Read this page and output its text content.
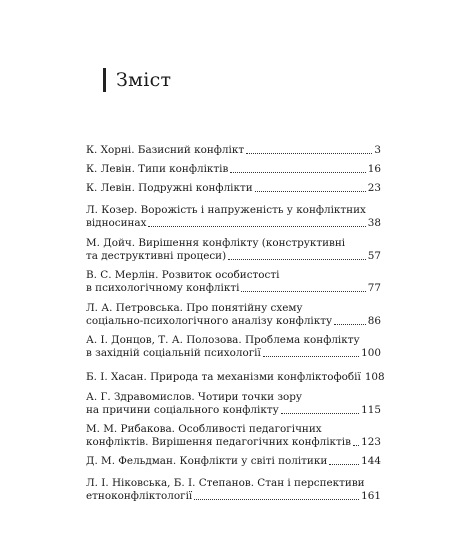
Зміст
К. Хорні. Базисний конфлікт	3
К. Левін. Типи конфліктів	16
К. Левін. Подружні конфлікти	23
Л. Козер. Ворожість і напруженість у конфліктних
відносинах	38
М. Дойч. Вирішення конфлікту (конструктивні
та деструктивні процеси)	57
В. С. Мерлін. Розвиток особистості
в психологічному конфлікті	77
Л. А. Петровська. Про понятійну схему
соціально-психологічного аналізу конфлікту	86
А. І. Донцов, Т. А. Полозова. Проблема конфлікту
в західній соціальній психології	100
Б. І. Хасан. Природа та механізми конфліктофобії 108
А. Г. Здравомислов. Чотири точки зору
на причини соціального конфлікту	115
М. М. Рибакова. Особливості педагогічних
конфліктів. Вирішення педагогічних конфліктів 123
Д. М. Фельдман. Конфлікти у світі політики	144
Л. І. Ніковська, Б. І. Степанов. Стан і перспективи
етноконфліктології	161
